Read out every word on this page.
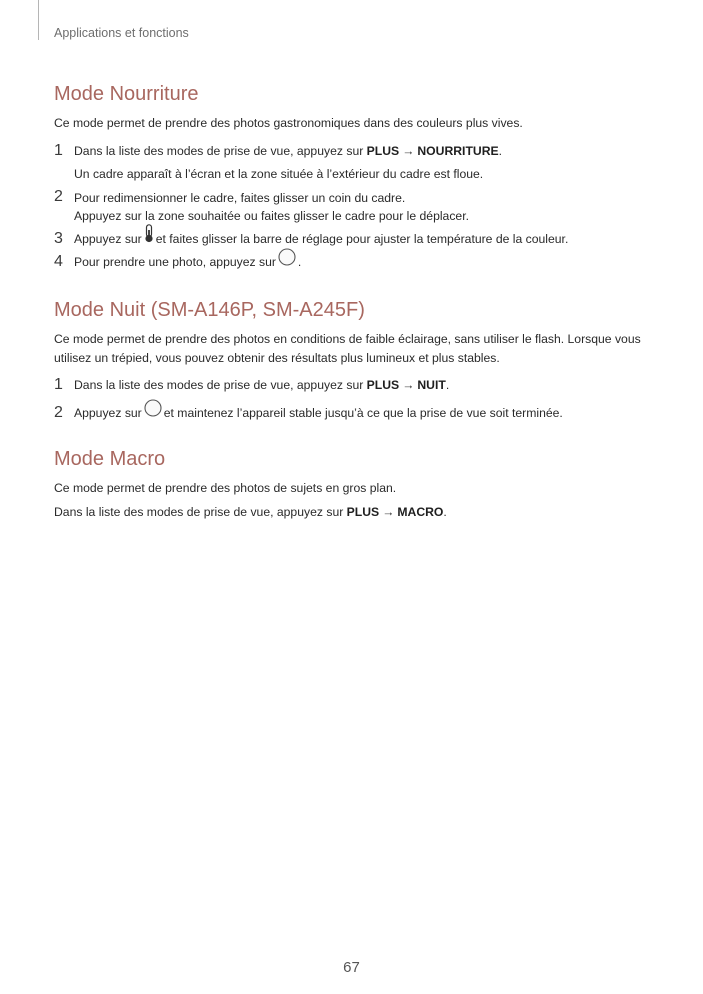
Applications et fonctions
Mode Nourriture

Ce mode permet de prendre des photos gastronomiques dans des couleurs plus vives.

1 Dans la liste des modes de prise de vue, appuyez sur PLUS → NOURRITURE.
Un cadre apparaît à l’écran et la zone située à l’extérieur du cadre est floue.
2 Pour redimensionner le cadre, faites glisser un coin du cadre.
Appuyez sur la zone souhaitée ou faites glisser le cadre pour le déplacer.
3 Appuyez sur et faites glisser la barre de réglage pour ajuster la température de la couleur.
4 Pour prendre une photo, appuyez sur .
Mode Nuit (SM-A146P, SM-A245F)

Ce mode permet de prendre des photos en conditions de faible éclairage, sans utiliser le flash. Lorsque vous

utilisez un trépied, vous pouvez obtenir des résultats plus lumineux et plus stables.

1 Dans la liste des modes de prise de vue, appuyez sur PLUS → NUIT.
2 Appuyez sur et maintenez l’appareil stable jusqu’à ce que la prise de vue soit terminée.
Mode Macro

Ce mode permet de prendre des photos de sujets en gros plan.

Dans la liste des modes de prise de vue, appuyez sur PLUS → MACRO.

67
